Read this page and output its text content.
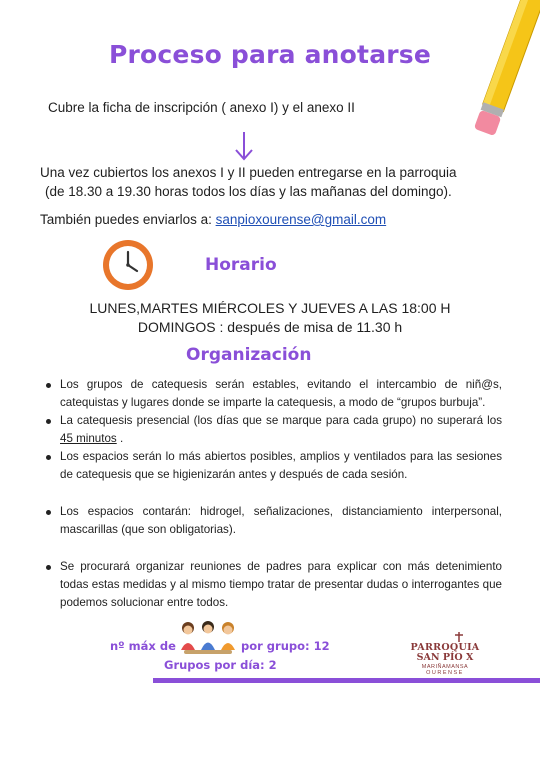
Proceso para anotarse
Cubre la ficha de inscripción ( anexo I) y el anexo II
Una vez cubiertos los anexos I y II pueden entregarse en la parroquia
(de 18.30 a 19.30 horas todos los días y las mañanas del domingo).
También puedes enviarlos a: sanpioxourense@gmail.com
Horario
LUNES,MARTES MIÉRCOLES Y JUEVES A LAS 18:00 H
DOMINGOS : después de misa de 11.30 h
Organización
Los grupos de catequesis serán estables, evitando el intercambio de niñ@s, catequistas y lugares donde se imparte la catequesis, a modo de “grupos burbuja”.
La catequesis presencial (los días que se marque para cada grupo) no superará los 45 minutos .
Los espacios serán lo más abiertos posibles, amplios y ventilados para las sesiones de catequesis que se higienizarán antes y después de cada sesión.
Los espacios contarán: hidrogel, señalizaciones, distanciamiento interpersonal, mascarillas (que son obligatorias).
Se procurará organizar reuniones de padres para explicar con más detenimiento todas estas medidas y al mismo tiempo tratar de presentar dudas o interrogantes que podemos solucionar entre todos.
nº máx de	por grupo: 12
Grupos por día: 2
PARROQUIA
SAN PÍO X
MARIÑAMANSA
OURENSE
